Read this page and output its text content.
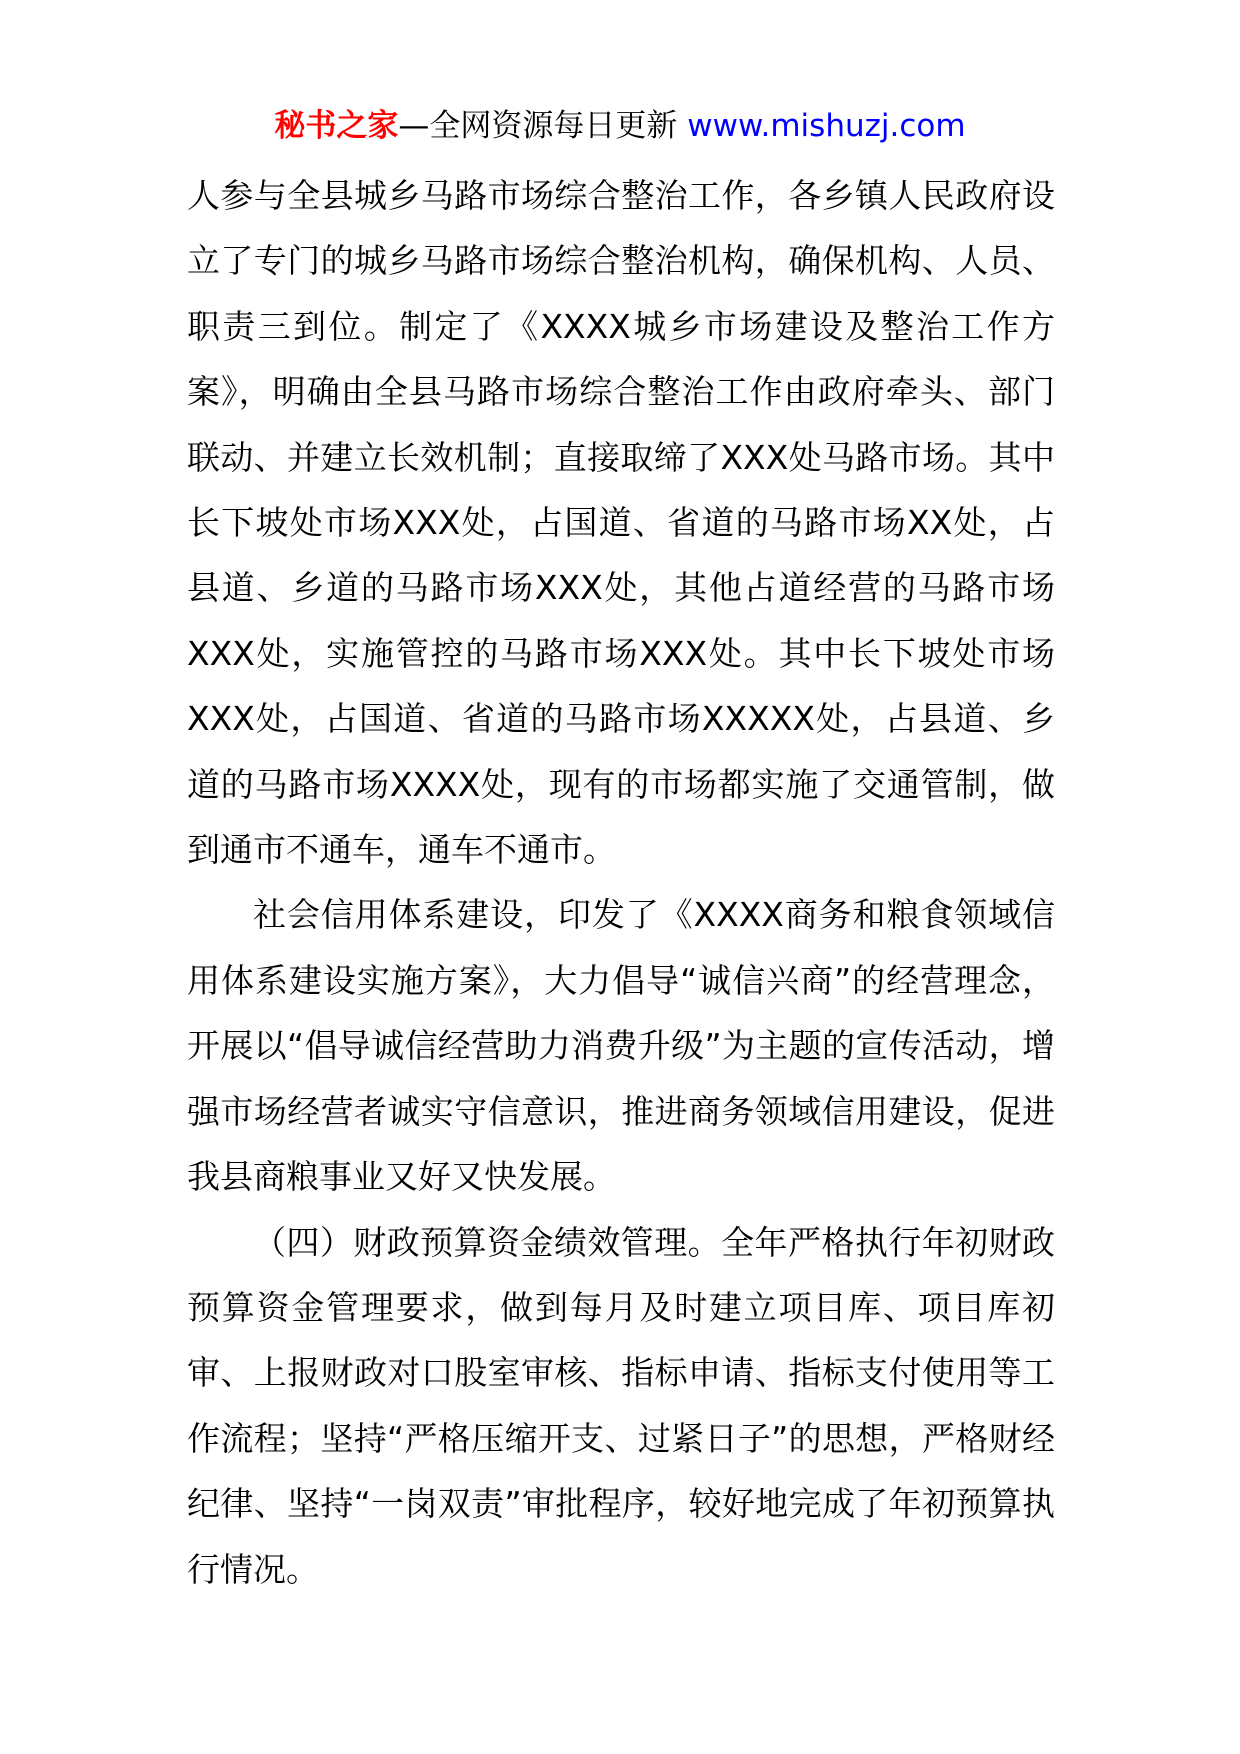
秘书之家—全网资源每日更新 www.mishuzj.com

人参与全县城乡马路市场综合整治工作，各乡镇人民政府设立了专门的城乡马路市场综合整治机构，确保机构、人员、职责三到位。制定了《XXXX城乡市场建设及整治工作方案》，明确由全县马路市场综合整治工作由政府牵头、部门联动、并建立长效机制；直接取缔了XXX处马路市场。其中长下坡处市场XXX处，占国道、省道的马路市场XX处，占县道、乡道的马路市场XXX处，其他占道经营的马路市场XXX处，实施管控的马路市场XXX处。其中长下坡处市场XXX处，占国道、省道的马路市场XXXXX处，占县道、乡道的马路市场XXXX处，现有的市场都实施了交通管制，做到通市不通车，通车不通市。

社会信用体系建设，印发了《XXXX商务和粮食领域信用体系建设实施方案》，大力倡导“诚信兴商”的经营理念，开展以“倡导诚信经营助力消费升级”为主题的宣传活动，增强市场经营者诚实守信意识，推进商务领域信用建设，促进我县商粮事业又好又快发展。

（四）财政预算资金绩效管理。全年严格执行年初财政预算资金管理要求，做到每月及时建立项目库、项目库初审、上报财政对口股室审核、指标申请、指标支付使用等工作流程；坚持“严格压缩开支、过紧日子”的思想，严格财经纪律、坚持“一岗双责”审批程序，较好地完成了年初预算执行情况。
